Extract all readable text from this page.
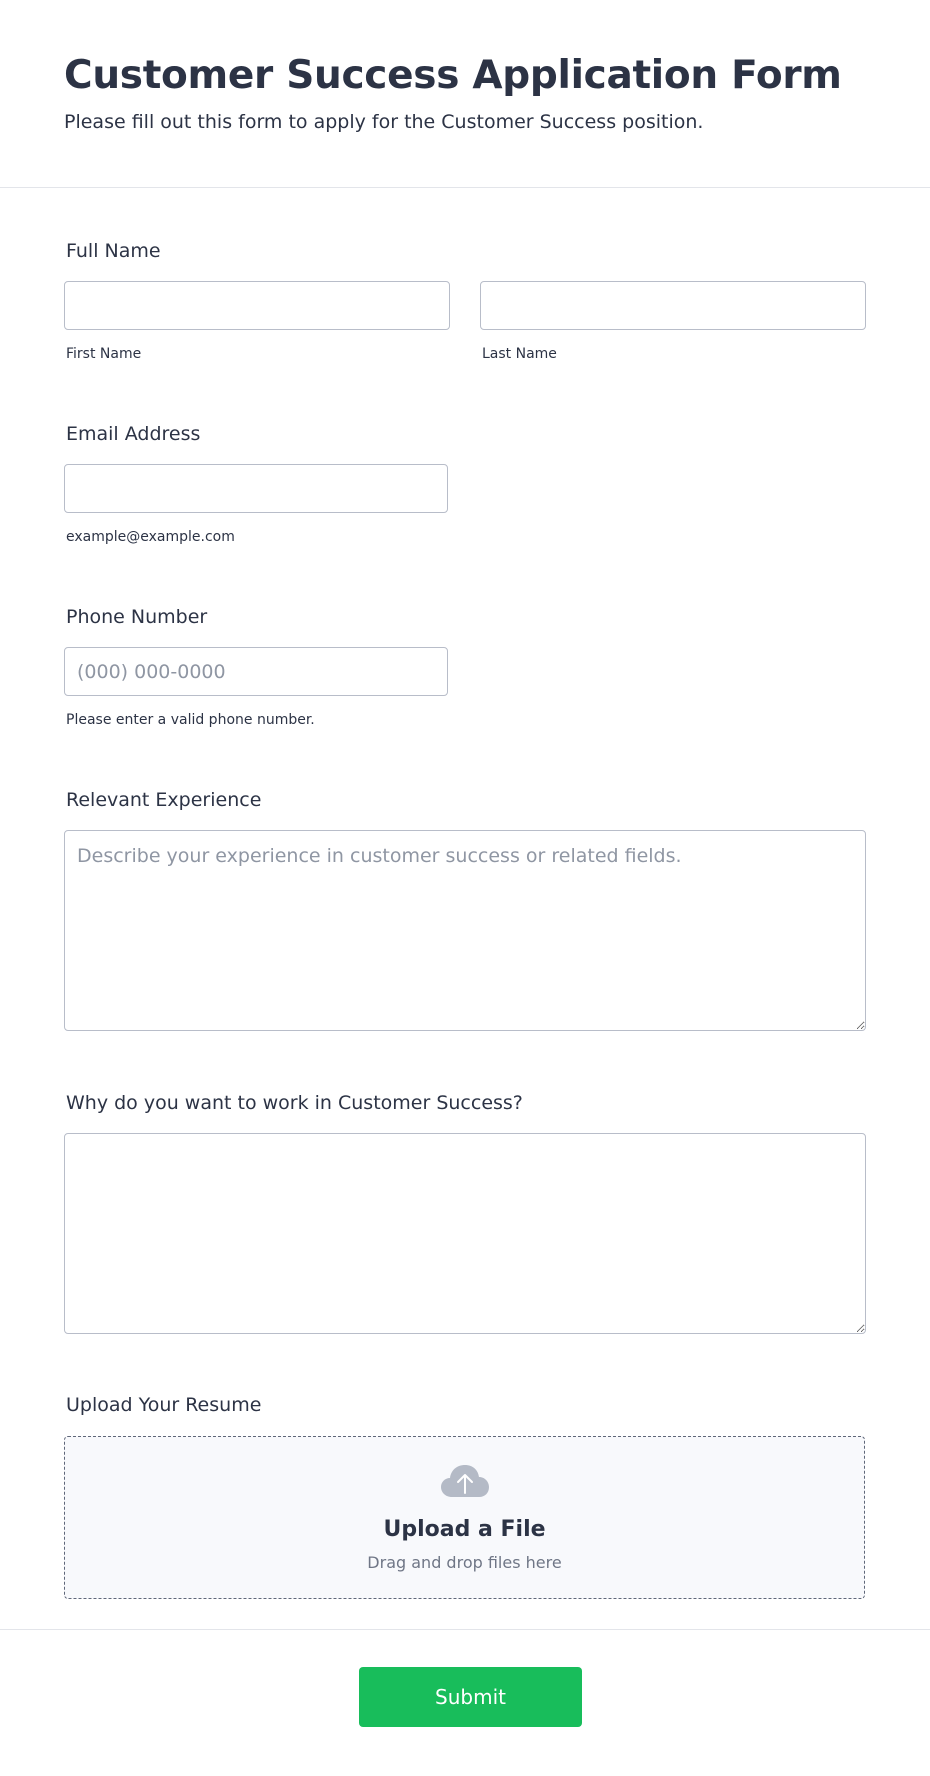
Customer Success Application Form

Please fill out this form to apply for the Customer Success position.

Full Name
First Name	Last Name
Email Address
example@example.com
Phone Number
(000) 000-0000
Please enter a valid phone number.
Relevant Experience
Describe your experience in customer success or related fields.
Why do you want to work in Customer Success?
Upload Your Resume
Upload a File
Drag and drop files here
Submit
